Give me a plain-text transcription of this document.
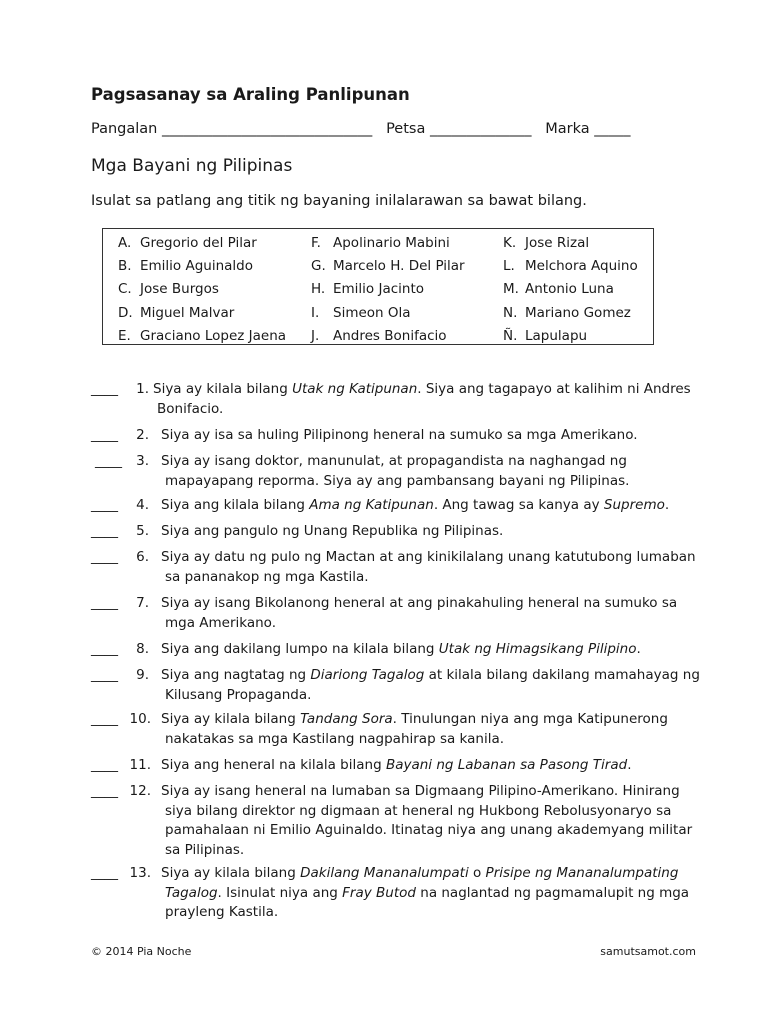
Pagsasanay sa Araling Panlipunan
Pangalan _____________________________ Petsa ______________ Marka _____
Mga Bayani ng Pilipinas
Isulat sa patlang ang titik ng bayaning inilalarawan sa bawat bilang.
A. Gregorio del Pilar
B. Emilio Aguinaldo
C. Jose Burgos
D. Miguel Malvar
E. Graciano Lopez Jaena
F. Apolinario Mabini
G. Marcelo H. Del Pilar
H. Emilio Jacinto
I. Simeon Ola
J. Andres Bonifacio
K. Jose Rizal
L. Melchora Aquino
M. Antonio Luna
N. Mariano Gomez
Ñ. Lapulapu
____	1. Siya ay kilala bilang Utak ng Katipunan. Siya ang tagapayo at kalihim ni Andres
Bonifacio.
____	2. Siya ay isa sa huling Pilipinong heneral na sumuko sa mga Amerikano.
____	3. Siya ay isang doktor, manunulat, at propagandista na naghangad ng
mapayapang reporma. Siya ay ang pambansang bayani ng Pilipinas.
____	4. Siya ang kilala bilang Ama ng Katipunan. Ang tawag sa kanya ay Supremo.
____	5. Siya ang pangulo ng Unang Republika ng Pilipinas.
____	6. Siya ay datu ng pulo ng Mactan at ang kinikilalang unang katutubong lumaban
sa pananakop ng mga Kastila.
____	7. Siya ay isang Bikolanong heneral at ang pinakahuling heneral na sumuko sa
mga Amerikano.
____	8. Siya ang dakilang lumpo na kilala bilang Utak ng Himagsikang Pilipino.
____	9. Siya ang nagtatag ng Diariong Tagalog at kilala bilang dakilang mamahayag ng
Kilusang Propaganda.
____ 10. Siya ay kilala bilang Tandang Sora. Tinulungan niya ang mga Katipunerong
nakatakas sa mga Kastilang nagpahirap sa kanila.
____ 11. Siya ang heneral na kilala bilang Bayani ng Labanan sa Pasong Tirad.
____ 12. Siya ay isang heneral na lumaban sa Digmaang Pilipino-Amerikano. Hinirang
siya bilang direktor ng digmaan at heneral ng Hukbong Rebolusyonaryo sa
pamahalaan ni Emilio Aguinaldo. Itinatag niya ang unang akademyang militar
sa Pilipinas.
____ 13. Siya ay kilala bilang Dakilang Mananalumpati o Prisipe ng Mananalumpating
Tagalog. Isinulat niya ang Fray Butod na naglantad ng pagmamalupit ng mga
prayleng Kastila.
© 2014 Pia Noche	samutsamot.com
